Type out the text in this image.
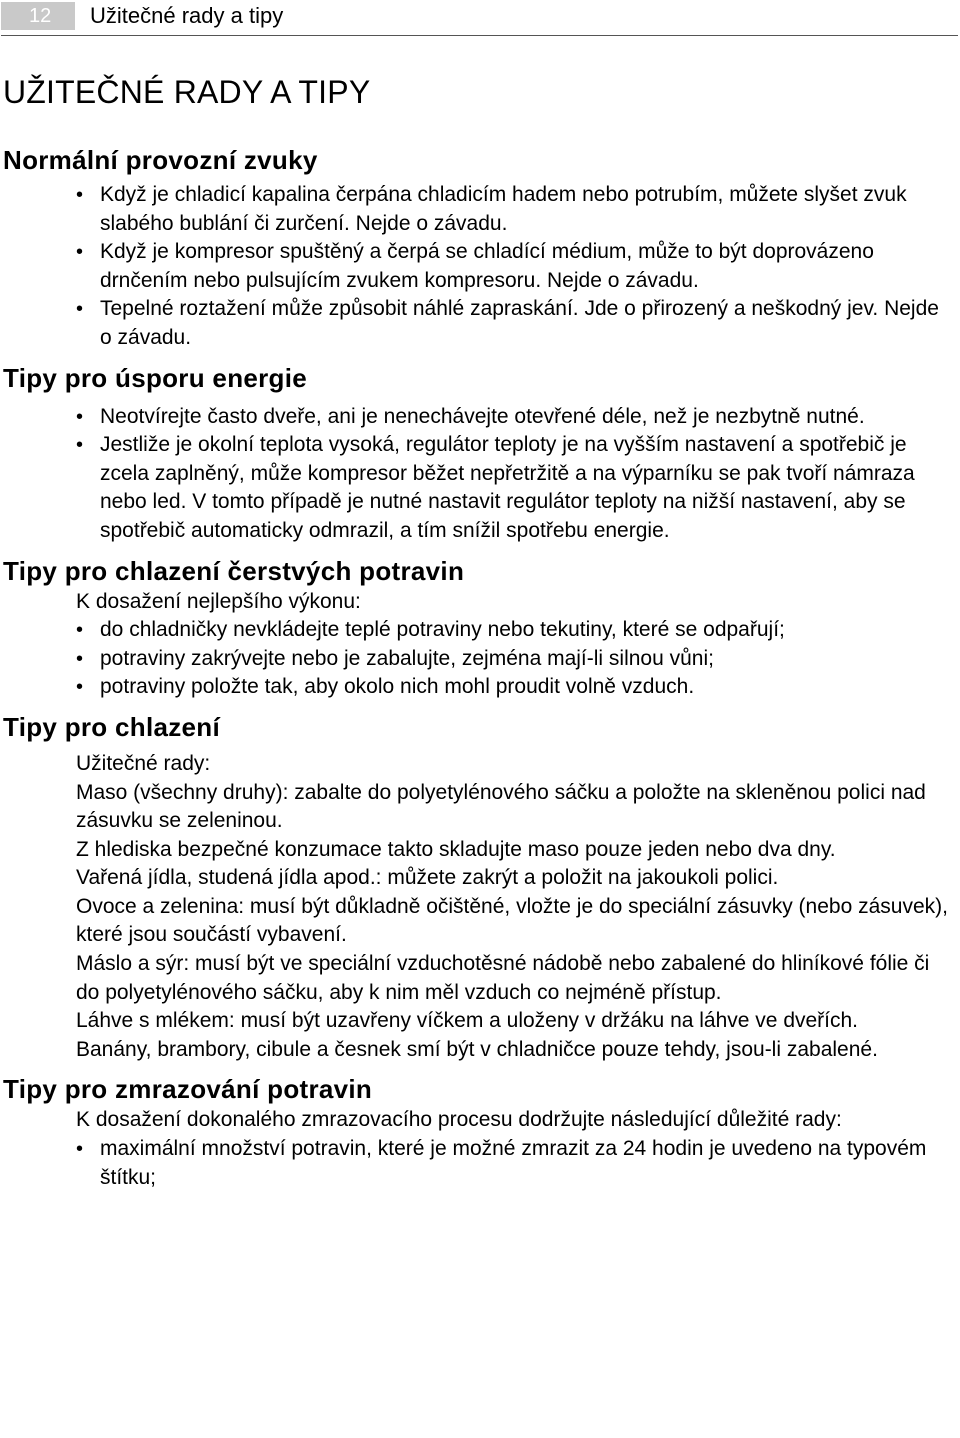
12	Užitečné rady a tipy
UŽITEČNÉ RADY A TIPY
Normální provozní zvuky
• Když je chladicí kapalina čerpána chladicím hadem nebo potrubím, můžete slyšet zvuk slabého bublání či zurčení. Nejde o závadu.
• Když je kompresor spuštěný a čerpá se chladící médium, může to být doprovázeno drnčením nebo pulsujícím zvukem kompresoru. Nejde o závadu.
• Tepelné roztažení může způsobit náhlé zapraskání. Jde o přirozený a neškodný jev. Nejde o závadu.
Tipy pro úsporu energie
• Neotvírejte často dveře, ani je nenechávejte otevřené déle, než je nezbytně nutné.
• Jestliže je okolní teplota vysoká, regulátor teploty je na vyšším nastavení a spotřebič je zcela zaplněný, může kompresor běžet nepřetržitě a na výparníku se pak tvoří námraza nebo led. V tomto případě je nutné nastavit regulátor teploty na nižší nastavení, aby se spotřebič automaticky odmrazil, a tím snížil spotřebu energie.
Tipy pro chlazení čerstvých potravin

K dosažení nejlepšího výkonu:

• do chladničky nevkládejte teplé potraviny nebo tekutiny, které se odpařují;
• potraviny zakrývejte nebo je zabalujte, zejména mají-li silnou vůni;
• potraviny položte tak, aby okolo nich mohl proudit volně vzduch.
Tipy pro chlazení

Užitečné rady:

Maso (všechny druhy): zabalte do polyetylénového sáčku a položte na skleněnou polici nad zásuvku se zeleninou.

Z hlediska bezpečné konzumace takto skladujte maso pouze jeden nebo dva dny.

Vařená jídla, studená jídla apod.: můžete zakrýt a položit na jakoukoli polici.

Ovoce a zelenina: musí být důkladně očištěné, vložte je do speciální zásuvky (nebo zásuvek), které jsou součástí vybavení.

Máslo a sýr: musí být ve speciální vzduchotěsné nádobě nebo zabalené do hliníkové fólie či do polyetylénového sáčku, aby k nim měl vzduch co nejméně přístup.

Láhve s mlékem: musí být uzavřeny víčkem a uloženy v držáku na láhve ve dveřích.

Banány, brambory, cibule a česnek smí být v chladničce pouze tehdy, jsou-li zabalené.

Tipy pro zmrazování potravin

K dosažení dokonalého zmrazovacího procesu dodržujte následující důležité rady:

• maximální množství potravin, které je možné zmrazit za 24 hodin je uvedeno na typovém štítku;
